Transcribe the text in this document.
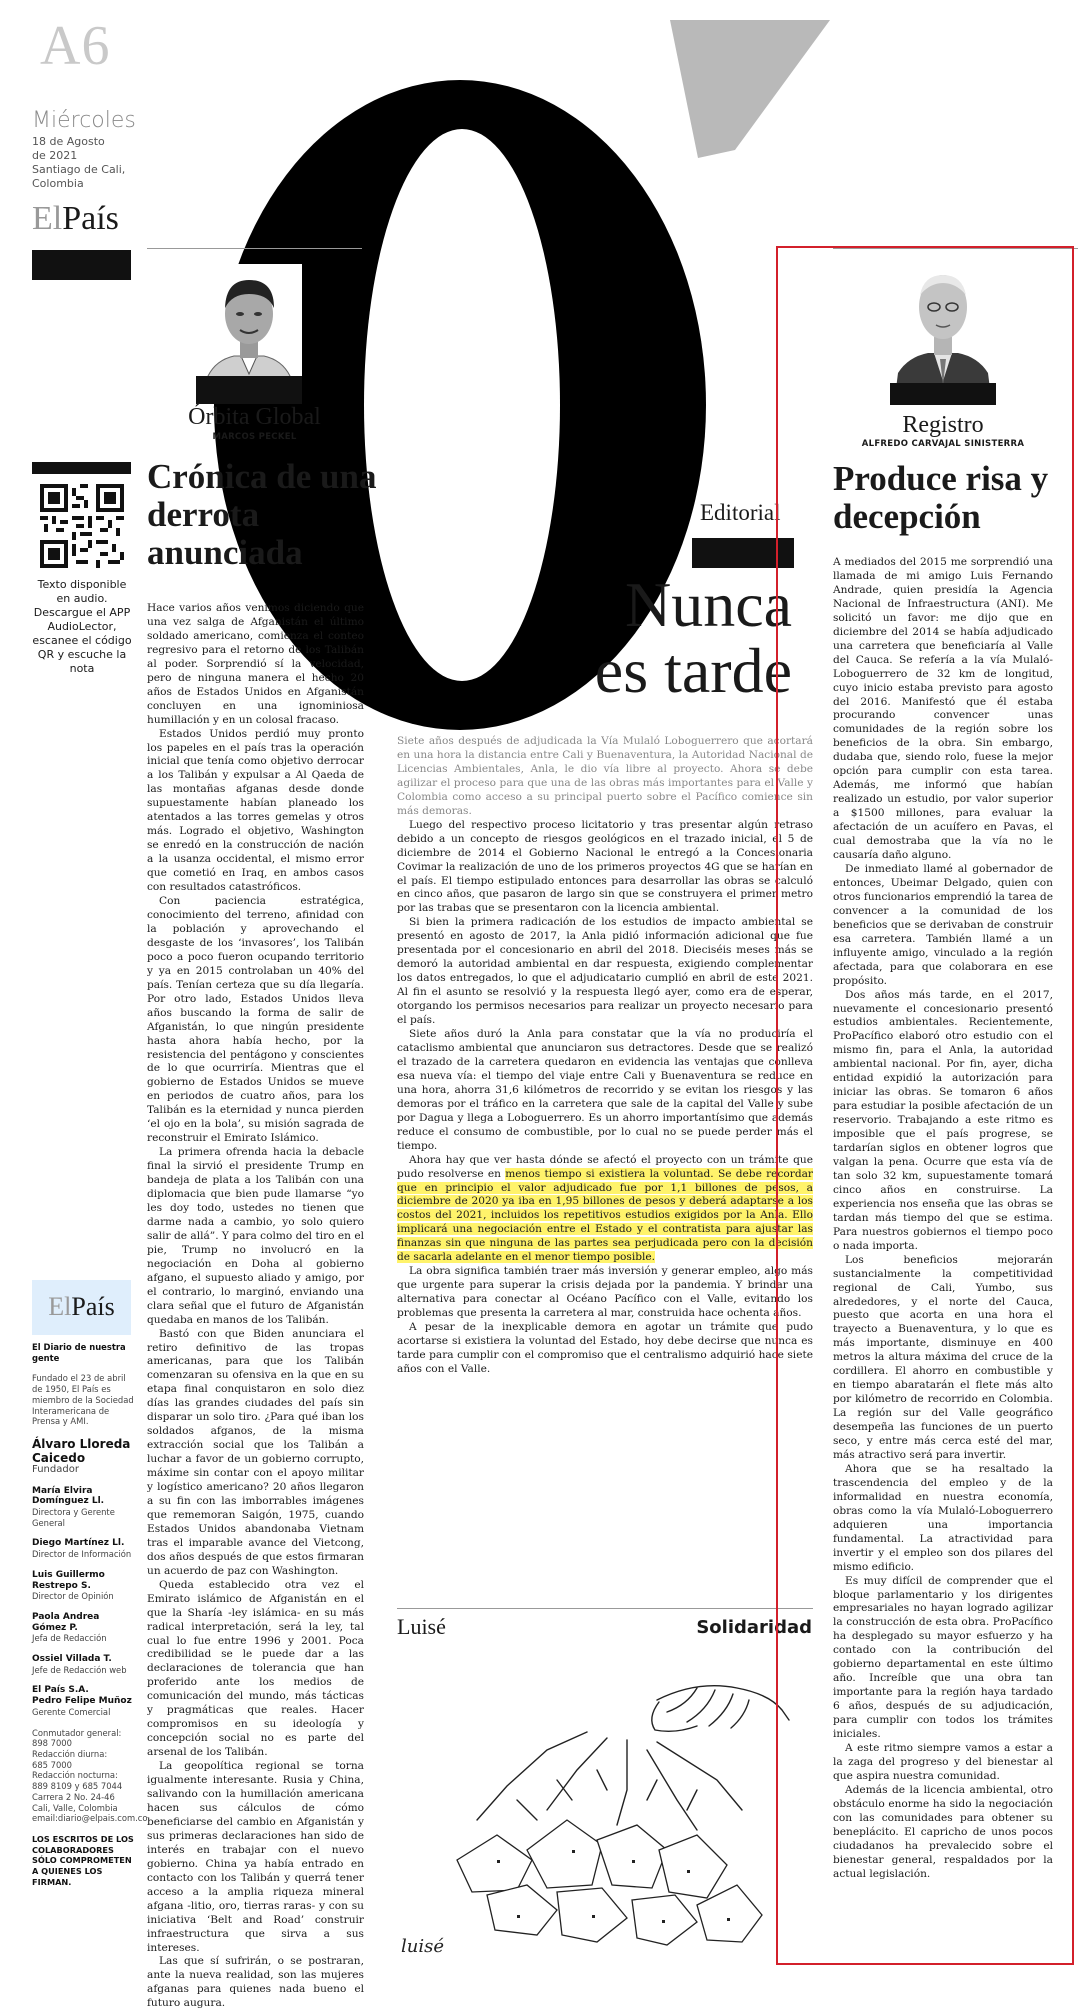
A6
Miércoles
18 de Agosto
de 2021
Santiago de Cali,
Colombia
ElPaís
Texto disponible en audio. Descargue el APP AudioLector, escanee el código QR y escuche la nota
ElPaís
El Diario de nuestra gente
Fundado el 23 de abril de 1950, El País es miembro de la Sociedad Interamericana de Prensa y AMI.
Álvaro Lloreda Caicedo
Fundador
María Elvira Domínguez Ll.
Directora y Gerente General
Diego Martínez Ll.
Director de Información
Luis Guillermo Restrepo S.
Director de Opinión
Paola Andrea Gómez P.
Jefa de Redacción
Ossiel Villada T.
Jefe de Redacción web
El País S.A.
Pedro Felipe Muñoz
Gerente Comercial
Conmutador general:
898 7000
Redacción diurna:
685 7000
Redacción nocturna:
889 8109 y 685 7044
Carrera 2 No. 24-46
Cali, Valle, Colombia
email:diario@elpais.com.co
LOS ESCRITOS DE LOS COLABORADORES SÓLO COMPROMETEN A QUIENES LOS FIRMAN.
Órbita Global
MARCOS PECKEL
Crónica de una derrota anunciada

Hace varios años venimos diciendo que una vez salga de Afganistán el último soldado americano, comienza el conteo regresivo para el retorno de los Talibán al poder. Sorprendió sí la velocidad, pero de ninguna manera el hecho 20 años de Estados Unidos en Afganistán concluyen en una ignominiosa humillación y en un colosal fracaso.

Estados Unidos perdió muy pronto los papeles en el país tras la operación inicial que tenía como objetivo derrocar a los Talibán y expulsar a Al Qaeda de las montañas afganas desde donde supuestamente habían planeado los atentados a las torres gemelas y otros más. Logrado el objetivo, Washington se enredó en la construcción de nación a la usanza occidental, el mismo error que cometió en Iraq, en ambos casos con resultados catastróficos.

Con paciencia estratégica, conocimiento del terreno, afinidad con la población y aprovechando el desgaste de los ‘invasores’, los Talibán poco a poco fueron ocupando territorio y ya en 2015 controlaban un 40% del país. Tenían certeza que su día llegaría. Por otro lado, Estados Unidos lleva años buscando la forma de salir de Afganistán, lo que ningún presidente hasta ahora había hecho, por la resistencia del pentágono y conscientes de lo que ocurriría. Mientras que el gobierno de Estados Unidos se mueve en periodos de cuatro años, para los Talibán es la eternidad y nunca pierden ‘el ojo en la bola’, su misión sagrada de reconstruir el Emirato Islámico.

La primera ofrenda hacia la debacle final la sirvió el presidente Trump en bandeja de plata a los Talibán con una diplomacia que bien pude llamarse “yo les doy todo, ustedes no tienen que darme nada a cambio, yo solo quiero salir de allá”. Y para colmo del tiro en el pie, Trump no involucró en la negociación en Doha al gobierno afgano, el supuesto aliado y amigo, por el contrario, lo marginó, enviando una clara señal que el futuro de Afganistán quedaba en manos de los Talibán.

Bastó con que Biden anunciara el retiro definitivo de las tropas americanas, para que los Talibán comenzaran su ofensiva en la que en su etapa final conquistaron en solo diez días las grandes ciudades del país sin disparar un solo tiro. ¿Para qué iban los soldados afganos, de la misma extracción social que los Talibán a luchar a favor de un gobierno corrupto, máxime sin contar con el apoyo militar y logístico americano? 20 años llegaron a su fin con las imborrables imágenes que rememoran Saigón, 1975, cuando Estados Unidos abandonaba Vietnam tras el imparable avance del Vietcong, dos años después de que estos firmaran un acuerdo de paz con Washington.

Queda establecido otra vez el Emirato islámico de Afganistán en el que la Sharía -ley islámica- en su más radical interpretación, será la ley, tal cual lo fue entre 1996 y 2001. Poca credibilidad se le puede dar a las declaraciones de tolerancia que han proferido ante los medios de comunicación del mundo, más tácticas y pragmáticas que reales. Hacer compromisos en su ideología y concepción social no es parte del arsenal de los Talibán.

La geopolítica regional se torna igualmente interesante. Rusia y China, salivando con la humillación americana hacen sus cálculos de cómo beneficiarse del cambio en Afganistán y sus primeras declaraciones han sido de interés en trabajar con el nuevo gobierno. China ya había entrado en contacto con los Talibán y querrá tener acceso a la amplia riqueza mineral afgana -litio, oro, tierras raras- y con su iniciativa ‘Belt and Road’ construir infraestructura que sirva a sus intereses.

Las que sí sufrirán, o se postraran, ante la nueva realidad, son las mujeres afganas para quienes nada bueno el futuro augura.

Editorial
Nunca
es tarde

Siete años después de adjudicada la Vía Mulaló Loboguerrero que acortará en una hora la distancia entre Cali y Buenaventura, la Autoridad Nacional de Licencias Ambientales, Anla, le dio vía libre al proyecto. Ahora se debe agilizar el proceso para que una de las obras más importantes para el Valle y Colombia como acceso a su principal puerto sobre el Pacífico comience sin más demoras.

Luego del respectivo proceso licitatorio y tras presentar algún retraso debido a un concepto de riesgos geológicos en el trazado inicial, el 5 de diciembre de 2014 el Gobierno Nacional le entregó a la Concesionaria Covimar la realización de uno de los primeros proyectos 4G que se harían en el país. El tiempo estipulado entonces para desarrollar las obras se calculó en cinco años, que pasaron de largo sin que se construyera el primer metro por las trabas que se presentaron con la licencia ambiental.

Si bien la primera radicación de los estudios de impacto ambiental se presentó en agosto de 2017, la Anla pidió información adicional que fue presentada por el concesionario en abril del 2018. Dieciséis meses más se demoró la autoridad ambiental en dar respuesta, exigiendo complementar los datos entregados, lo que el adjudicatario cumplió en abril de este 2021. Al fin el asunto se resolvió y la respuesta llegó ayer, como era de esperar, otorgando los permisos necesarios para realizar un proyecto necesario para el país.

Siete años duró la Anla para constatar que la vía no produciría el cataclismo ambiental que anunciaron sus detractores. Desde que se realizó el trazado de la carretera quedaron en evidencia las ventajas que conlleva esa nueva vía: el tiempo del viaje entre Cali y Buenaventura se reduce en una hora, ahorra 31,6 kilómetros de recorrido y se evitan los riesgos y las demoras por el tráfico en la carretera que sale de la capital del Valle y sube por Dagua y llega a Loboguerrero. Es un ahorro importantísimo que además reduce el consumo de combustible, por lo cual no se puede perder más el tiempo.

Ahora hay que ver hasta dónde se afectó el proyecto con un trámite que pudo resolverse en menos tiempo si existiera la voluntad. Se debe recordar que en principio el valor adjudicado fue por 1,1 billones de pesos, a diciembre de 2020 ya iba en 1,95 billones de pesos y deberá adaptarse a los costos del 2021, incluidos los repetitivos estudios exigidos por la Anla. Ello implicará una negociación entre el Estado y el contratista para ajustar las finanzas sin que ninguna de las partes sea perjudicada pero con la decisión de sacarla adelante en el menor tiempo posible.

La obra significa también traer más inversión y generar empleo, algo más que urgente para superar la crisis dejada por la pandemia. Y brindar una alternativa para conectar al Océano Pacífico con el Valle, evitando los problemas que presenta la carretera al mar, construida hace ochenta años.

A pesar de la inexplicable demora en agotar un trámite que pudo acortarse si existiera la voluntad del Estado, hoy debe decirse que nunca es tarde para cumplir con el compromiso que el centralismo adquirió hace siete años con el Valle.

Luisé	Solidaridad
luisé
Registro
ALFREDO CARVAJAL SINISTERRA
Produce risa y decepción

A mediados del 2015 me sorprendió una llamada de mi amigo Luis Fernando Andrade, quien presidía la Agencia Nacional de Infraestructura (ANI). Me solicitó un favor: me dijo que en diciembre del 2014 se había adjudicado una carretera que beneficiaría al Valle del Cauca. Se refería a la vía Mulaló-Loboguerrero de 32 km de longitud, cuyo inicio estaba previsto para agosto del 2016. Manifestó que él estaba procurando convencer unas comunidades de la región sobre los beneficios de la obra. Sin embargo, dudaba que, siendo rolo, fuese la mejor opción para cumplir con esta tarea. Además, me informó que habían realizado un estudio, por valor superior a $1500 millones, para evaluar la afectación de un acuífero en Pavas, el cual demostraba que la vía no le causaría daño alguno.

De inmediato llamé al gobernador de entonces, Ubeimar Delgado, quien con otros funcionarios emprendió la tarea de convencer a la comunidad de los beneficios que se derivaban de construir esa carretera. También llamé a un influyente amigo, vinculado a la región afectada, para que colaborara en ese propósito.

Dos años más tarde, en el 2017, nuevamente el concesionario presentó estudios ambientales. Recientemente, ProPacífico elaboró otro estudio con el mismo fin, para el Anla, la autoridad ambiental nacional. Por fin, ayer, dicha entidad expidió la autorización para iniciar las obras. Se tomaron 6 años para estudiar la posible afectación de un reservorio. Trabajando a este ritmo es imposible que el país progrese, se tardarían siglos en obtener logros que valgan la pena. Ocurre que esta vía de tan solo 32 km, supuestamente tomará cinco años en construirse. La experiencia nos enseña que las obras se tardan más tiempo del que se estima. Para nuestros gobiernos el tiempo poco o nada importa.

Los beneficios mejorarán sustancialmente la competitividad regional de Cali, Yumbo, sus alrededores, y el norte del Cauca, puesto que acorta en una hora el trayecto a Buenaventura, y lo que es más importante, disminuye en 400 metros la altura máxima del cruce de la cordillera. El ahorro en combustible y en tiempo abaratarán el flete más alto por kilómetro de recorrido en Colombia. La región sur del Valle geográfico desempeña las funciones de un puerto seco, y entre más cerca esté del mar, más atractivo será para invertir.

Ahora que se ha resaltado la trascendencia del empleo y de la informalidad en nuestra economía, obras como la vía Mulaló-Loboguerrero adquieren una importancia fundamental. La atractividad para invertir y el empleo son dos pilares del mismo edificio.

Es muy difícil de comprender que el bloque parlamentario y los dirigentes empresariales no hayan logrado agilizar la construcción de esta obra. ProPacífico ha desplegado su mayor esfuerzo y ha contado con la contribución del gobierno departamental en este último año. Increíble que una obra tan importante para la región haya tardado 6 años, después de su adjudicación, para cumplir con todos los trámites iniciales.

A este ritmo siempre vamos a estar a la zaga del progreso y del bienestar al que aspira nuestra comunidad.

Además de la licencia ambiental, otro obstáculo enorme ha sido la negociación con las comunidades para obtener su beneplácito. El capricho de unos pocos ciudadanos ha prevalecido sobre el bienestar general, respaldados por la actual legislación.
